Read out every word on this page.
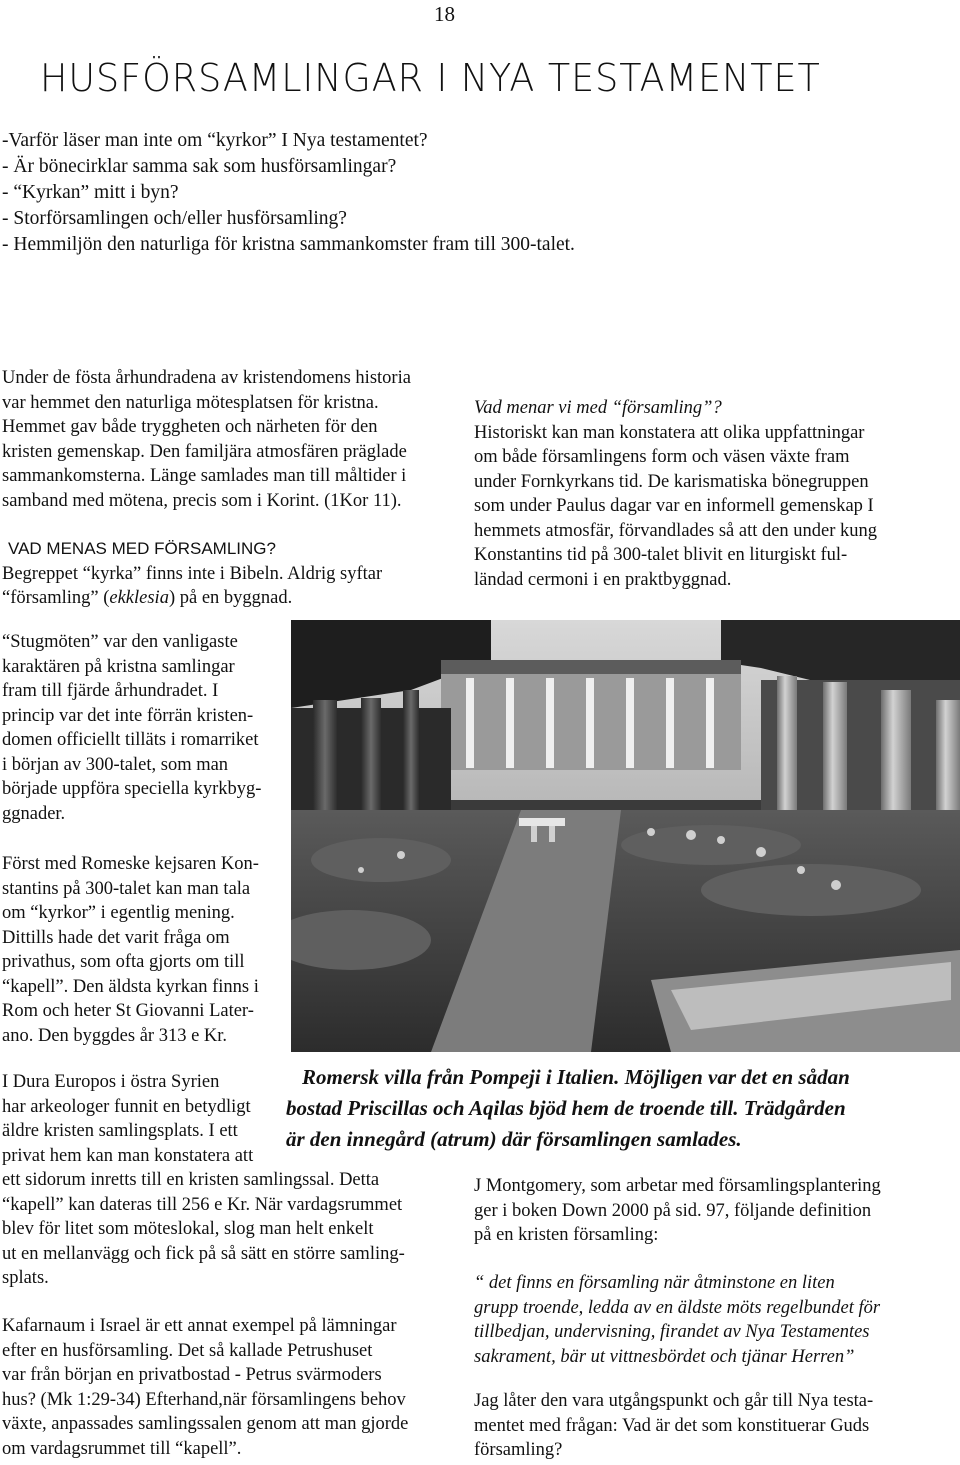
18
HUSFÖRSAMLINGAR I NYA TESTAMENTET
-Varför läser man inte om “kyrkor” I Nya testamentet?
- Är bönecirklar samma sak som husförsamlingar?
- “Kyrkan” mitt i byn?
- Storförsamlingen och/eller husförsamling?
- Hemmiljön den naturliga för kristna sammankomster fram till 300-talet.
Under de fösta århundradena av kristendomens historia
var hemmet den naturliga mötesplatsen för kristna.
Hemmet gav både tryggheten och närheten för den
kristen gemenskap. Den familjära atmosfären präglade
sammankomsterna. Länge samlades man till måltider i
samband med mötena, precis som i Korint. (1Kor 11).
VAD MENAS MED FÖRSAMLING?
Begreppet “kyrka” finns inte i Bibeln. Aldrig syftar
“församling” (ekklesia) på en byggnad.
Vad menar vi med “församling”?
Historiskt kan man konstatera att olika uppfattningar
om både församlingens form och väsen växte fram
under Fornkyrkans tid. De karismatiska bönegruppen
som under Paulus dagar var en informell gemenskap I
hemmets atmosfär, förvandlades så att den under kung
Konstantins tid på 300-talet blivit en liturgiskt ful-
ländad cermoni i en praktbyggnad.
“Stugmöten” var den vanligaste
karaktären på kristna samlingar
fram till fjärde århundradet. I
princip var det inte förrän kristen-
domen officiellt tilläts i romarriket
i början av 300-talet, som man
började uppföra speciella kyrkbyg-
ggnader.
Först med Romeske kejsaren Kon-
stantins på 300-talet kan man tala
om “kyrkor” i egentlig mening.
Dittills hade det varit fråga om
privathus, som ofta gjorts om till
“kapell”. Den äldsta kyrkan finns i
Rom och heter St Giovanni Later-
ano. Den byggdes år 313 e Kr.
Romersk villa från Pompeji i Italien. Möjligen var det en sådan
bostad Priscillas och Aqilas bjöd hem de troende till. Trädgården
är den innegård (atrum) där församlingen samlades.
I Dura Europos i östra Syrien
har arkeologer funnit en betydligt
äldre kristen samlingsplats. I ett
privat hem kan man konstatera att
ett sidorum inretts till en kristen samlingssal. Detta
“kapell” kan dateras till 256 e Kr. När vardagsrummet
blev för litet som möteslokal, slog man helt enkelt
ut en mellanvägg och fick på så sätt en större samling-
splats.
Kafarnaum i Israel är ett annat exempel på lämningar
efter en husförsamling. Det så kallade Petrushuset
var från början en privatbostad - Petrus svärmoders
hus? (Mk 1:29-34) Efterhand,när församlingens behov
växte, anpassades samlingssalen genom att man gjorde
om vardagsrummet till “kapell”.
J Montgomery, som arbetar med församlingsplantering
ger i boken Down 2000 på sid. 97, följande definition
på en kristen församling:
“ det finns en församling när åtminstone en liten
grupp troende, ledda av en äldste möts regelbundet för
tillbedjan, undervisning, firandet av Nya Testamentes
sakrament, bär ut vittnesbördet och tjänar Herren”
Jag låter den vara utgångspunkt och går till Nya testa-
mentet med frågan: Vad är det som konstituerar Guds
församling?
